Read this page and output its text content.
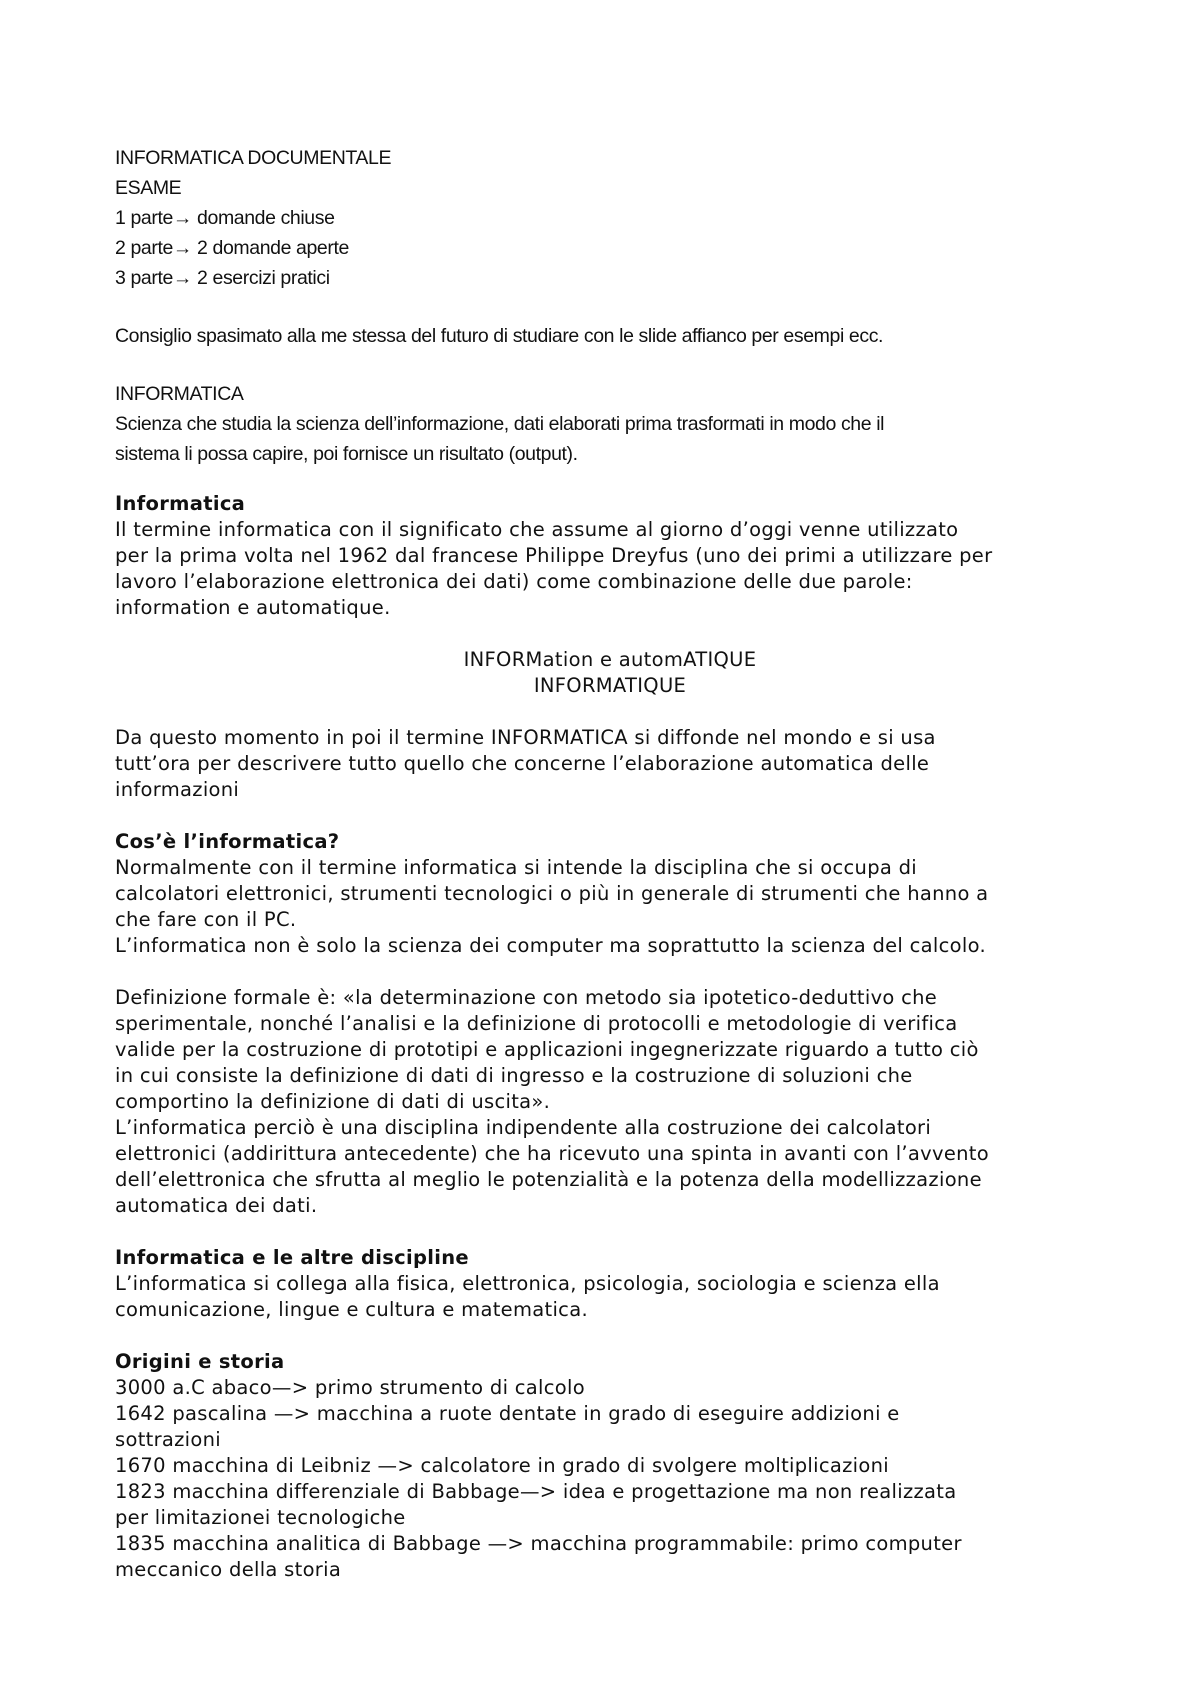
INFORMATICA DOCUMENTALE
ESAME
1 parte→ domande chiuse
2 parte→ 2 domande aperte
3 parte→ 2 esercizi pratici
Consiglio spasimato alla me stessa del futuro di studiare con le slide affianco per esempi ecc.
INFORMATICA
Scienza che studia la scienza dell’informazione, dati elaborati prima trasformati in modo che il
sistema li possa capire, poi fornisce un risultato (output).
Informatica
Il termine informatica con il significato che assume al giorno d’oggi venne utilizzato
per la prima volta nel 1962 dal francese Philippe Dreyfus (uno dei primi a utilizzare per
lavoro l’elaborazione elettronica dei dati) come combinazione delle due parole:
information e automatique.
INFORMation e automATIQUE
INFORMATIQUE
Da questo momento in poi il termine INFORMATICA si diffonde nel mondo e si usa
tutt’ora per descrivere tutto quello che concerne l’elaborazione automatica delle
informazioni
Cos’è l’informatica?
Normalmente con il termine informatica si intende la disciplina che si occupa di
calcolatori elettronici, strumenti tecnologici o più in generale di strumenti che hanno a
che fare con il PC.
L’informatica non è solo la scienza dei computer ma soprattutto la scienza del calcolo.
Definizione formale è: «la determinazione con metodo sia ipotetico-deduttivo che
sperimentale, nonché l’analisi e la definizione di protocolli e metodologie di verifica
valide per la costruzione di prototipi e applicazioni ingegnerizzate riguardo a tutto ciò
in cui consiste la definizione di dati di ingresso e la costruzione di soluzioni che
comportino la definizione di dati di uscita».
L’informatica perciò è una disciplina indipendente alla costruzione dei calcolatori
elettronici (addirittura antecedente) che ha ricevuto una spinta in avanti con l’avvento
dell’elettronica che sfrutta al meglio le potenzialità e la potenza della modellizzazione
automatica dei dati.
Informatica e le altre discipline
L’informatica si collega alla fisica, elettronica, psicologia, sociologia e scienza ella
comunicazione, lingue e cultura e matematica.
Origini e storia
3000 a.C abaco—> primo strumento di calcolo
1642 pascalina —> macchina a ruote dentate in grado di eseguire addizioni e
sottrazioni
1670 macchina di Leibniz —> calcolatore in grado di svolgere moltiplicazioni
1823 macchina differenziale di Babbage—> idea e progettazione ma non realizzata
per limitazionei tecnologiche
1835 macchina analitica di Babbage —> macchina programmabile: primo computer
meccanico della storia
